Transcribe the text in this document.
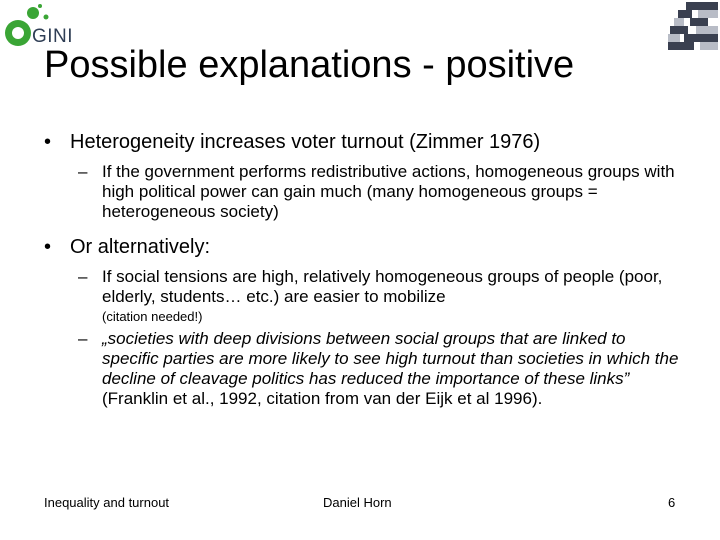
GINI
Possible explanations - positive
• Heterogeneity increases voter turnout (Zimmer 1976)
– If the government performs redistributive actions, homogeneous groups with high political power can gain much (many homogeneous groups = heterogeneous society)
• Or alternatively:
– If social tensions are high, relatively homogeneous groups of people (poor, elderly, students… etc.) are easier to mobilize
(citation needed!)
– „societies with deep divisions between social groups that are linked to specific parties are more likely to see high turnout than societies in which the decline of cleavage politics has reduced the importance of these links” (Franklin et al., 1992, citation from van der Eijk et al 1996).
Inequality and turnout	Daniel Horn	6
